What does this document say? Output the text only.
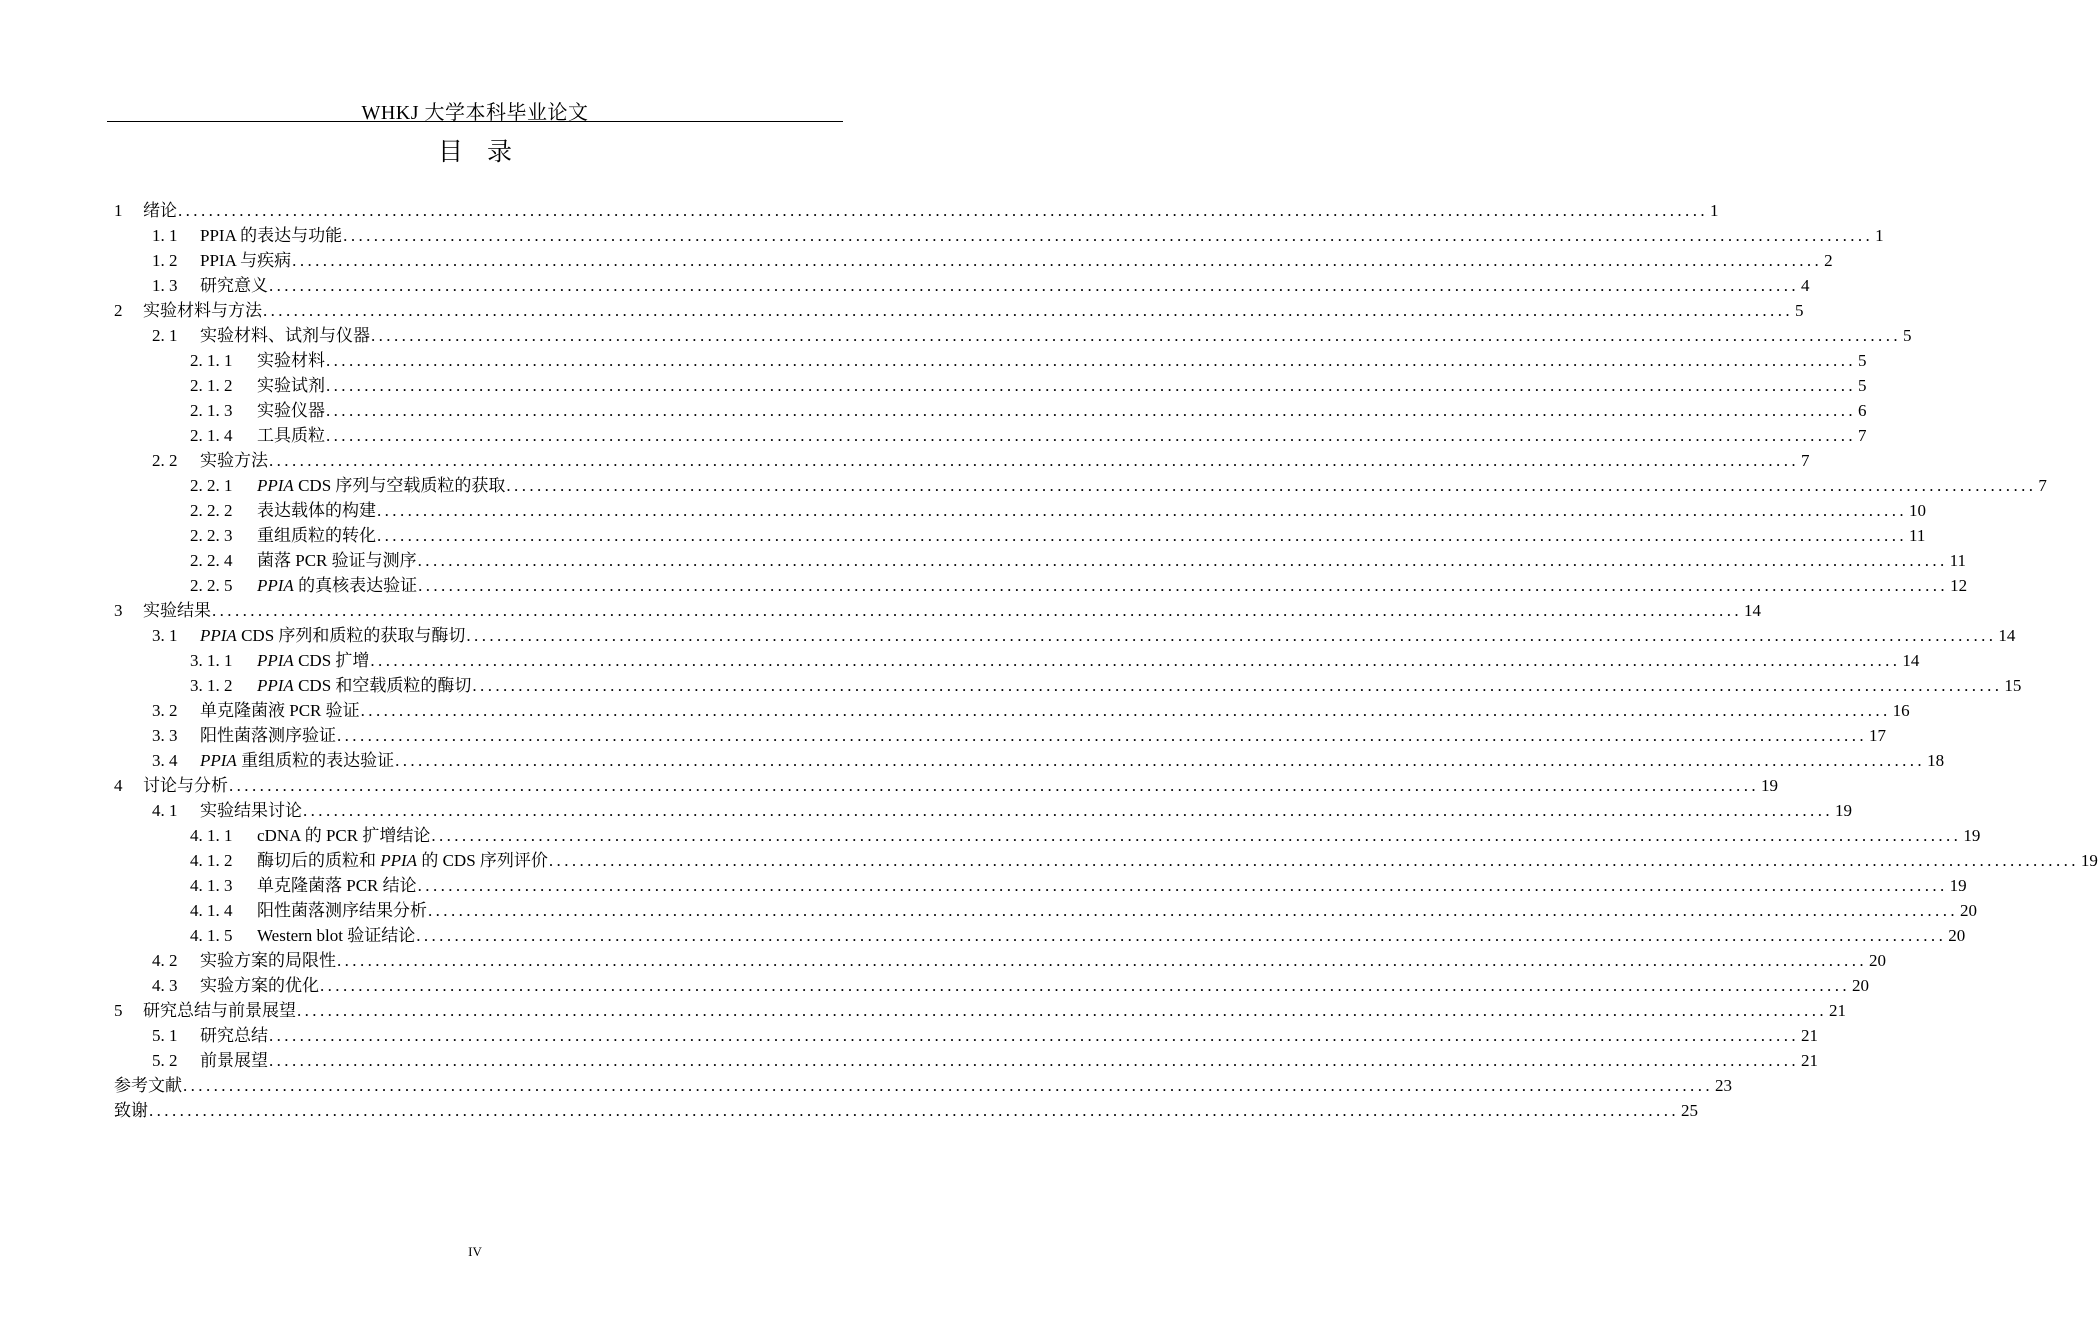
WHKJ 大学本科毕业论文
目录
1	绪论 ........................................................................................................................................................................................................ 1
1. 1	PPIA 的表达与功能 ........................................................................................................................................................................................................ 1
1. 2	PPIA 与疾病 ........................................................................................................................................................................................................ 2
1. 3	研究意义 ........................................................................................................................................................................................................ 4
2	实验材料与方法 ........................................................................................................................................................................................................ 5
2. 1	实验材料、试剂与仪器 ........................................................................................................................................................................................................ 5
2. 1. 1	实验材料 ........................................................................................................................................................................................................ 5
2. 1. 2	实验试剂 ........................................................................................................................................................................................................ 5
2. 1. 3	实验仪器 ........................................................................................................................................................................................................ 6
2. 1. 4	工具质粒 ........................................................................................................................................................................................................ 7
2. 2	实验方法 ........................................................................................................................................................................................................ 7
2. 2. 1	PPIA CDS 序列与空载质粒的获取 ........................................................................................................................................................................................................ 7
2. 2. 2	表达载体的构建 ........................................................................................................................................................................................................ 10
2. 2. 3	重组质粒的转化 ........................................................................................................................................................................................................ 11
2. 2. 4	菌落 PCR 验证与测序 ........................................................................................................................................................................................................ 11
2. 2. 5	PPIA 的真核表达验证 ........................................................................................................................................................................................................ 12
3	实验结果 ........................................................................................................................................................................................................ 14
3. 1	PPIA CDS 序列和质粒的获取与酶切 ........................................................................................................................................................................................................ 14
3. 1. 1	PPIA CDS 扩增 ........................................................................................................................................................................................................ 14
3. 1. 2	PPIA CDS 和空载质粒的酶切 ........................................................................................................................................................................................................ 15
3. 2	单克隆菌液 PCR 验证 ........................................................................................................................................................................................................ 16
3. 3	阳性菌落测序验证 ........................................................................................................................................................................................................ 17
3. 4	PPIA 重组质粒的表达验证 ........................................................................................................................................................................................................ 18
4	讨论与分析 ........................................................................................................................................................................................................ 19
4. 1	实验结果讨论 ........................................................................................................................................................................................................ 19
4. 1. 1	cDNA 的 PCR 扩增结论 ........................................................................................................................................................................................................ 19
4. 1. 2	酶切后的质粒和 PPIA 的 CDS 序列评价 ........................................................................................................................................................................................................ 19
4. 1. 3	单克隆菌落 PCR 结论 ........................................................................................................................................................................................................ 19
4. 1. 4	阳性菌落测序结果分析 ........................................................................................................................................................................................................ 20
4. 1. 5	Western blot 验证结论 ........................................................................................................................................................................................................ 20
4. 2	实验方案的局限性 ........................................................................................................................................................................................................ 20
4. 3	实验方案的优化 ........................................................................................................................................................................................................ 20
5	研究总结与前景展望 ........................................................................................................................................................................................................ 21
5. 1	研究总结 ........................................................................................................................................................................................................ 21
5. 2	前景展望 ........................................................................................................................................................................................................ 21
参考文献 ........................................................................................................................................................................................................ 23
致谢 ........................................................................................................................................................................................................ 25
IV
